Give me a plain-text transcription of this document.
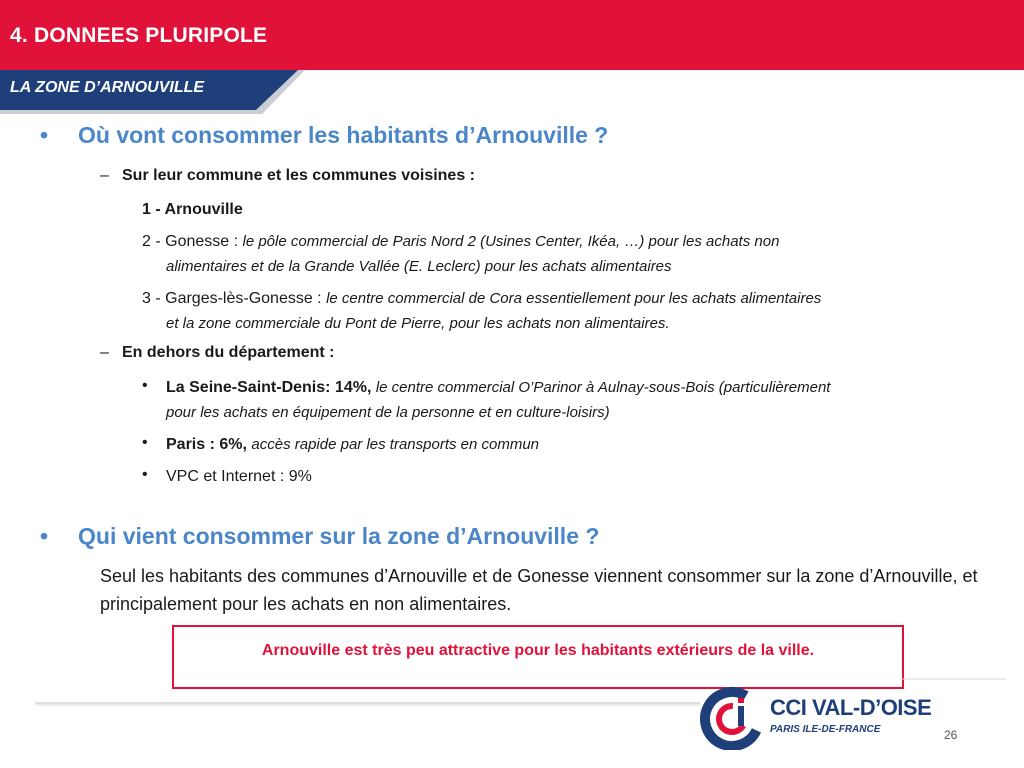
4. DONNEES PLURIPOLE
LA ZONE D’ARNOUVILLE
• Où vont consommer les habitants d’Arnouville ?
– Sur leur commune et les communes voisines :
1 - Arnouville
2 - Gonesse : le pôle commercial de Paris Nord 2 (Usines Center, Ikéa, …) pour les achats non
alimentaires et de la Grande Vallée (E. Leclerc) pour les achats alimentaires
3 - Garges-lès-Gonesse : le centre commercial de Cora essentiellement pour les achats alimentaires
et la zone commerciale du Pont de Pierre, pour les achats non alimentaires.
– En dehors du département :
• La Seine-Saint-Denis: 14%, le centre commercial O’Parinor à Aulnay-sous-Bois (particulièrement
pour les achats en équipement de la personne et en culture-loisirs)
• Paris : 6%, accès rapide par les transports en commun
• VPC et Internet : 9%
• Qui vient consommer sur la zone d’Arnouville ?
Seul les habitants des communes d’Arnouville et de Gonesse viennent consommer sur la zone d’Arnouville, et principalement pour les achats en non alimentaires.
Arnouville est très peu attractive pour les habitants extérieurs de la ville.
CCI VAL-D’OISE
PARIS ILE-DE-FRANCE	26
